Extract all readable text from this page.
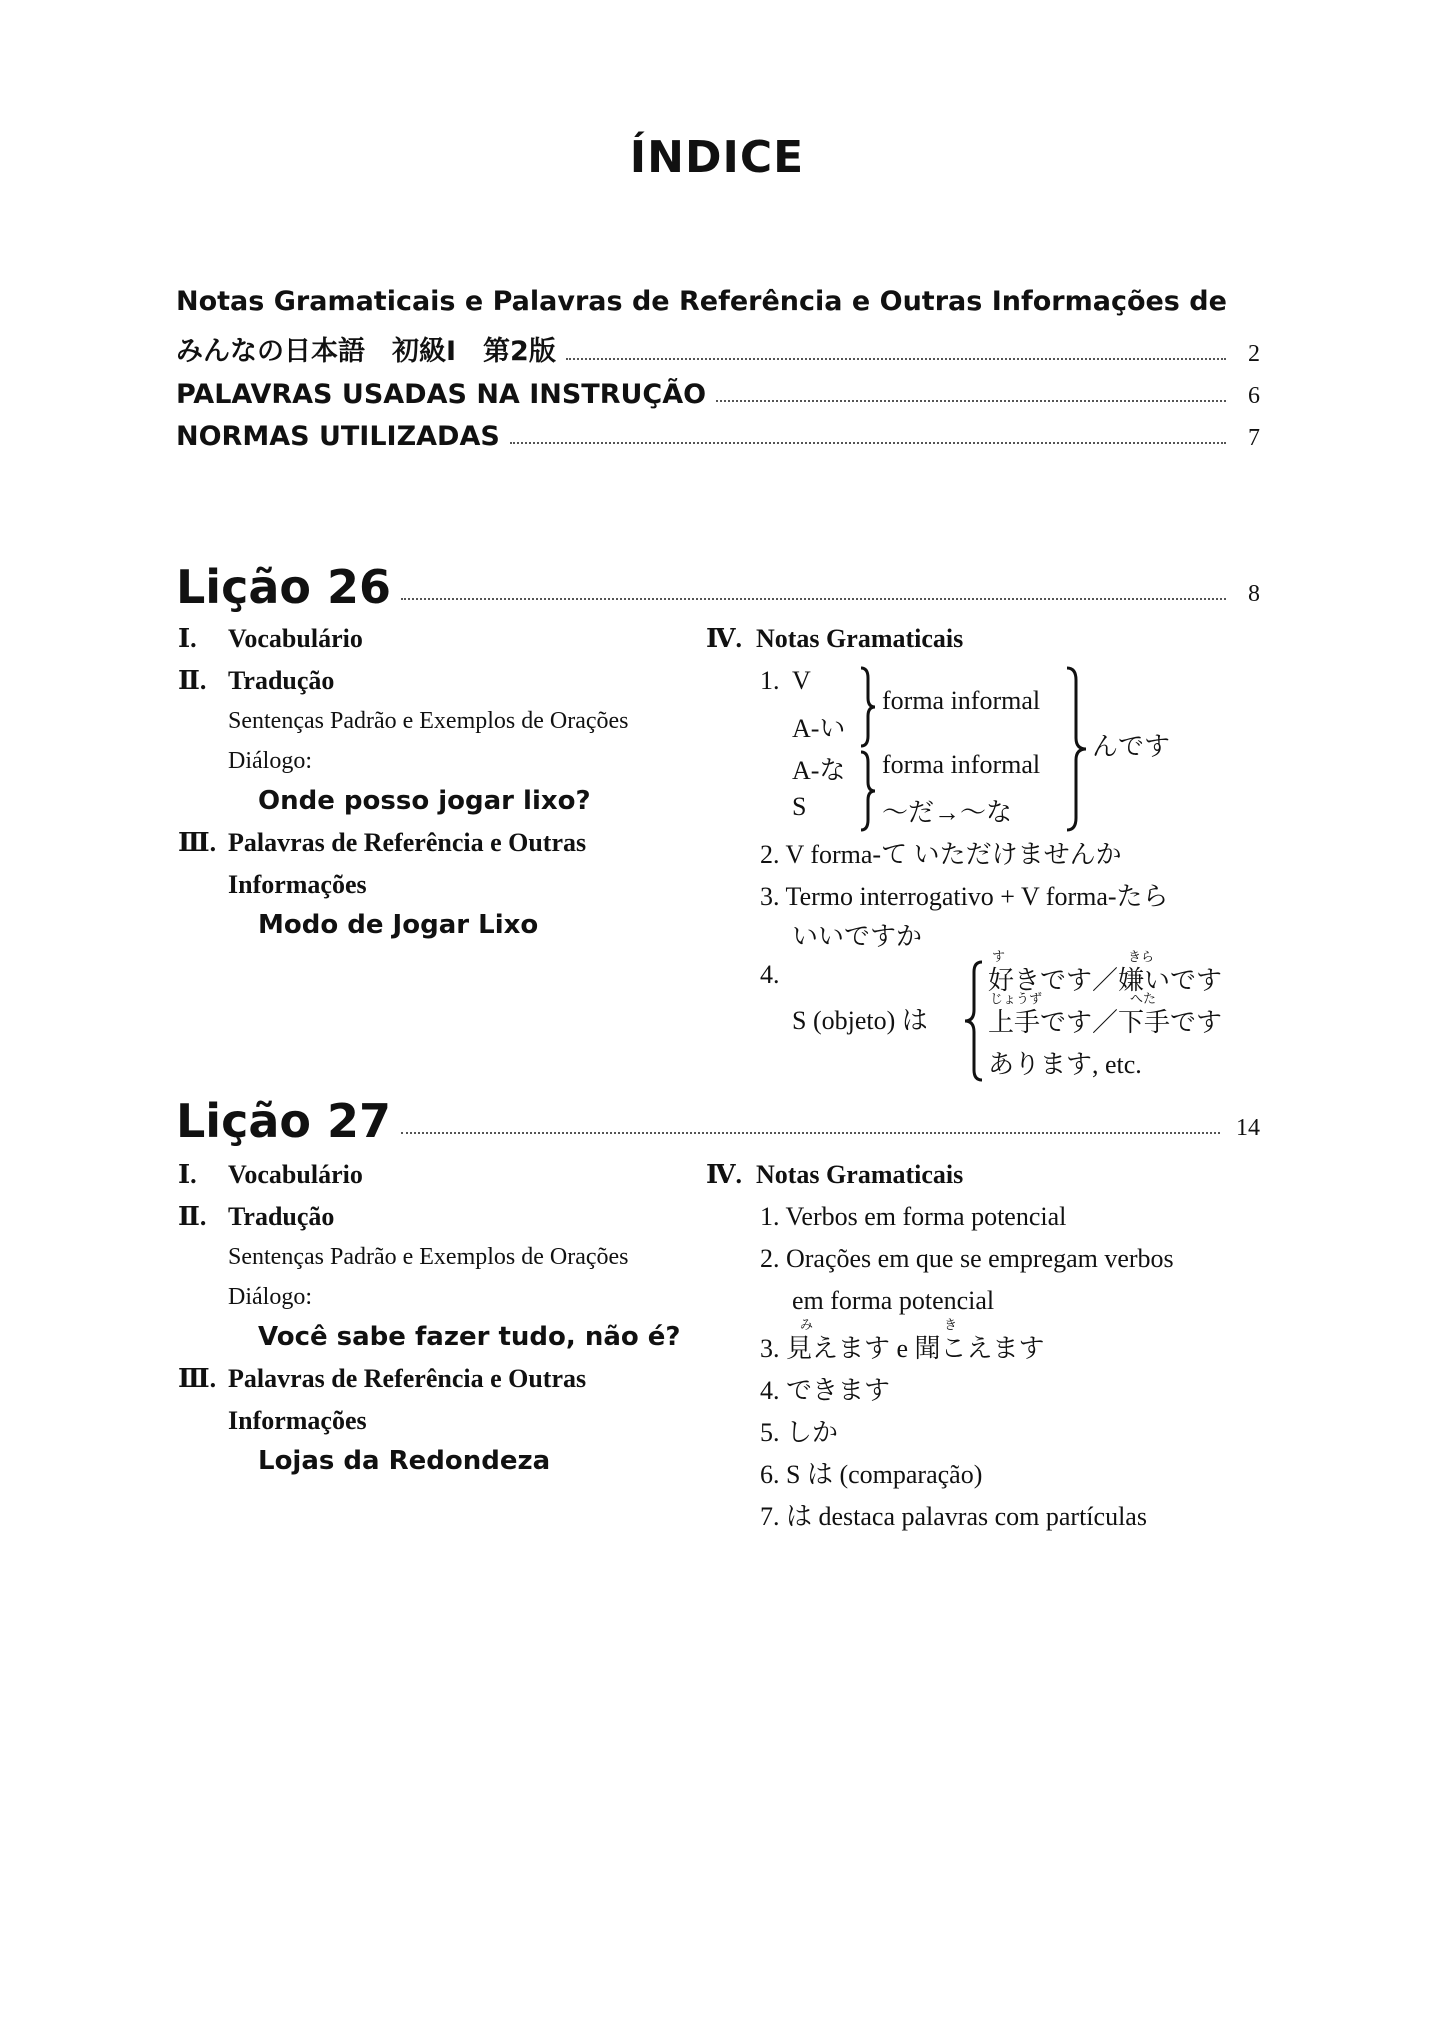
ÍNDICE
Notas Gramaticais e Palavras de Referência e Outras Informações de
みんなの日本語　初級Ⅰ　第2版	2
PALAVRAS USADAS NA INSTRUÇÃO	6
NORMAS UTILIZADAS	7
Lição 26	8
Ⅰ. Vocabulário
Ⅱ. Tradução
Sentenças Padrão e Exemplos de Orações
Diálogo:
Onde posso jogar lixo?
Ⅲ. Palavras de Referência e Outras
Informações
Modo de Jogar Lixo
Ⅳ. Notas Gramaticais
1. V
A-い
A-な
S
forma informal
forma informal
～だ→～な
んです
2. V forma-て いただけませんか
3. Termo interrogativo + V forma-たら
いいですか
4.
S (objeto) は
す	きら
好きです／嫌いです
じょうず	へた
上手です／下手です
あります, etc.
Lição 27	14
Ⅰ. Vocabulário
Ⅱ. Tradução
Sentenças Padrão e Exemplos de Orações
Diálogo:
Você sabe fazer tudo, não é?
Ⅲ. Palavras de Referência e Outras
Informações
Lojas da Redondeza
Ⅳ. Notas Gramaticais
1. Verbos em forma potencial
2. Orações em que se empregam verbos
em forma potencial
み	き
3. 見えます e 聞こえます
4. できます
5. しか
6. S は (comparação)
7. は destaca palavras com partículas
